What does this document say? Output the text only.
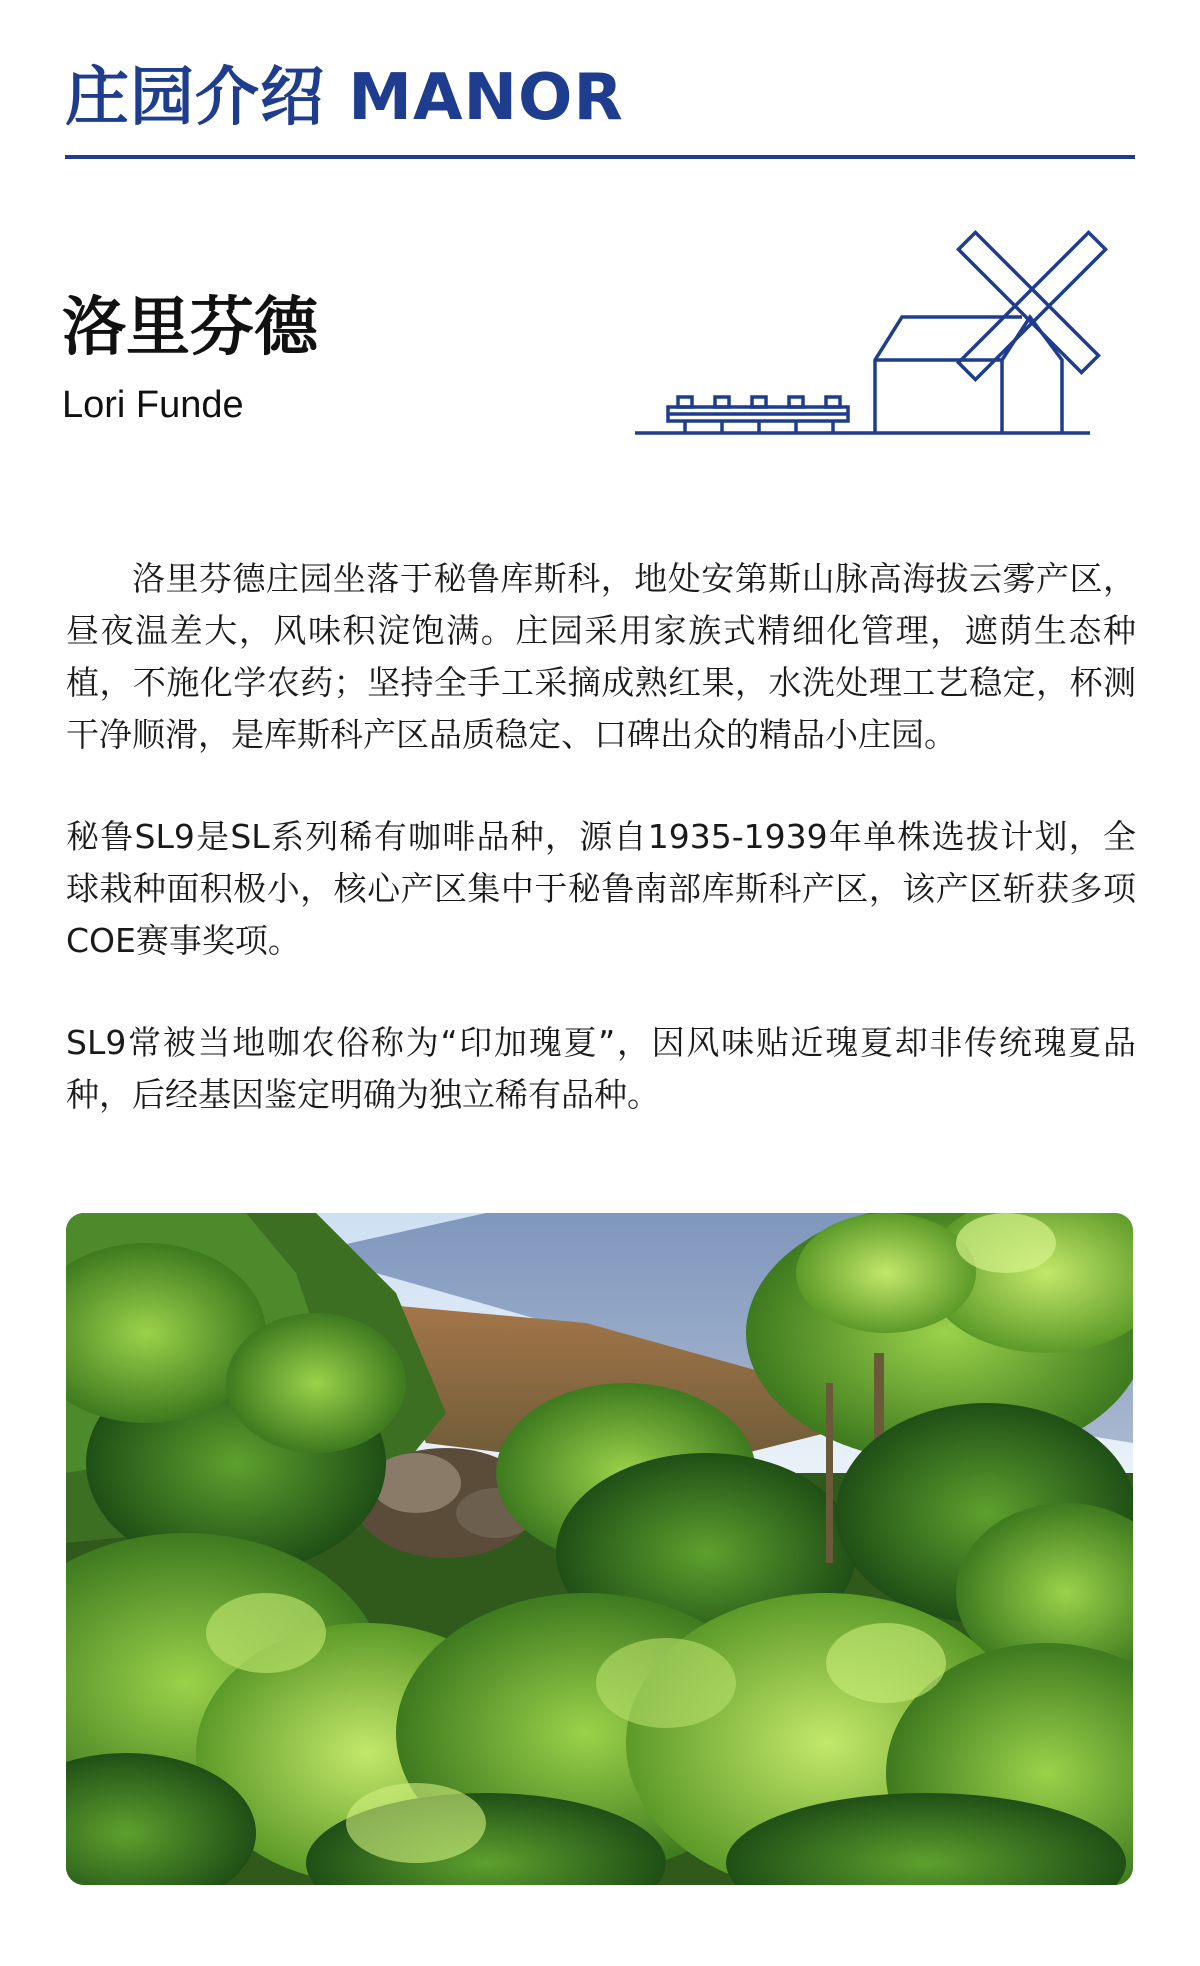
庄园介绍 MANOR
洛里芬德
Lori Funde

洛里芬德庄园坐落于秘鲁库斯科，地处安第斯山脉高海拔云雾产区，昼夜温差大，风味积淀饱满。庄园采用家族式精细化管理，遮荫生态种植，不施化学农药；坚持全手工采摘成熟红果，水洗处理工艺稳定，杯测干净顺滑，是库斯科产区品质稳定、口碑出众的精品小庄园。

秘鲁SL9是SL系列稀有咖啡品种，源自1935-1939年单株选拔计划，全球栽种面积极小，核心产区集中于秘鲁南部库斯科产区，该产区斩获多项COE赛事奖项。

SL9常被当地咖农俗称为“印加瑰夏”，因风味贴近瑰夏却非传统瑰夏品种，后经基因鉴定明确为独立稀有品种。
